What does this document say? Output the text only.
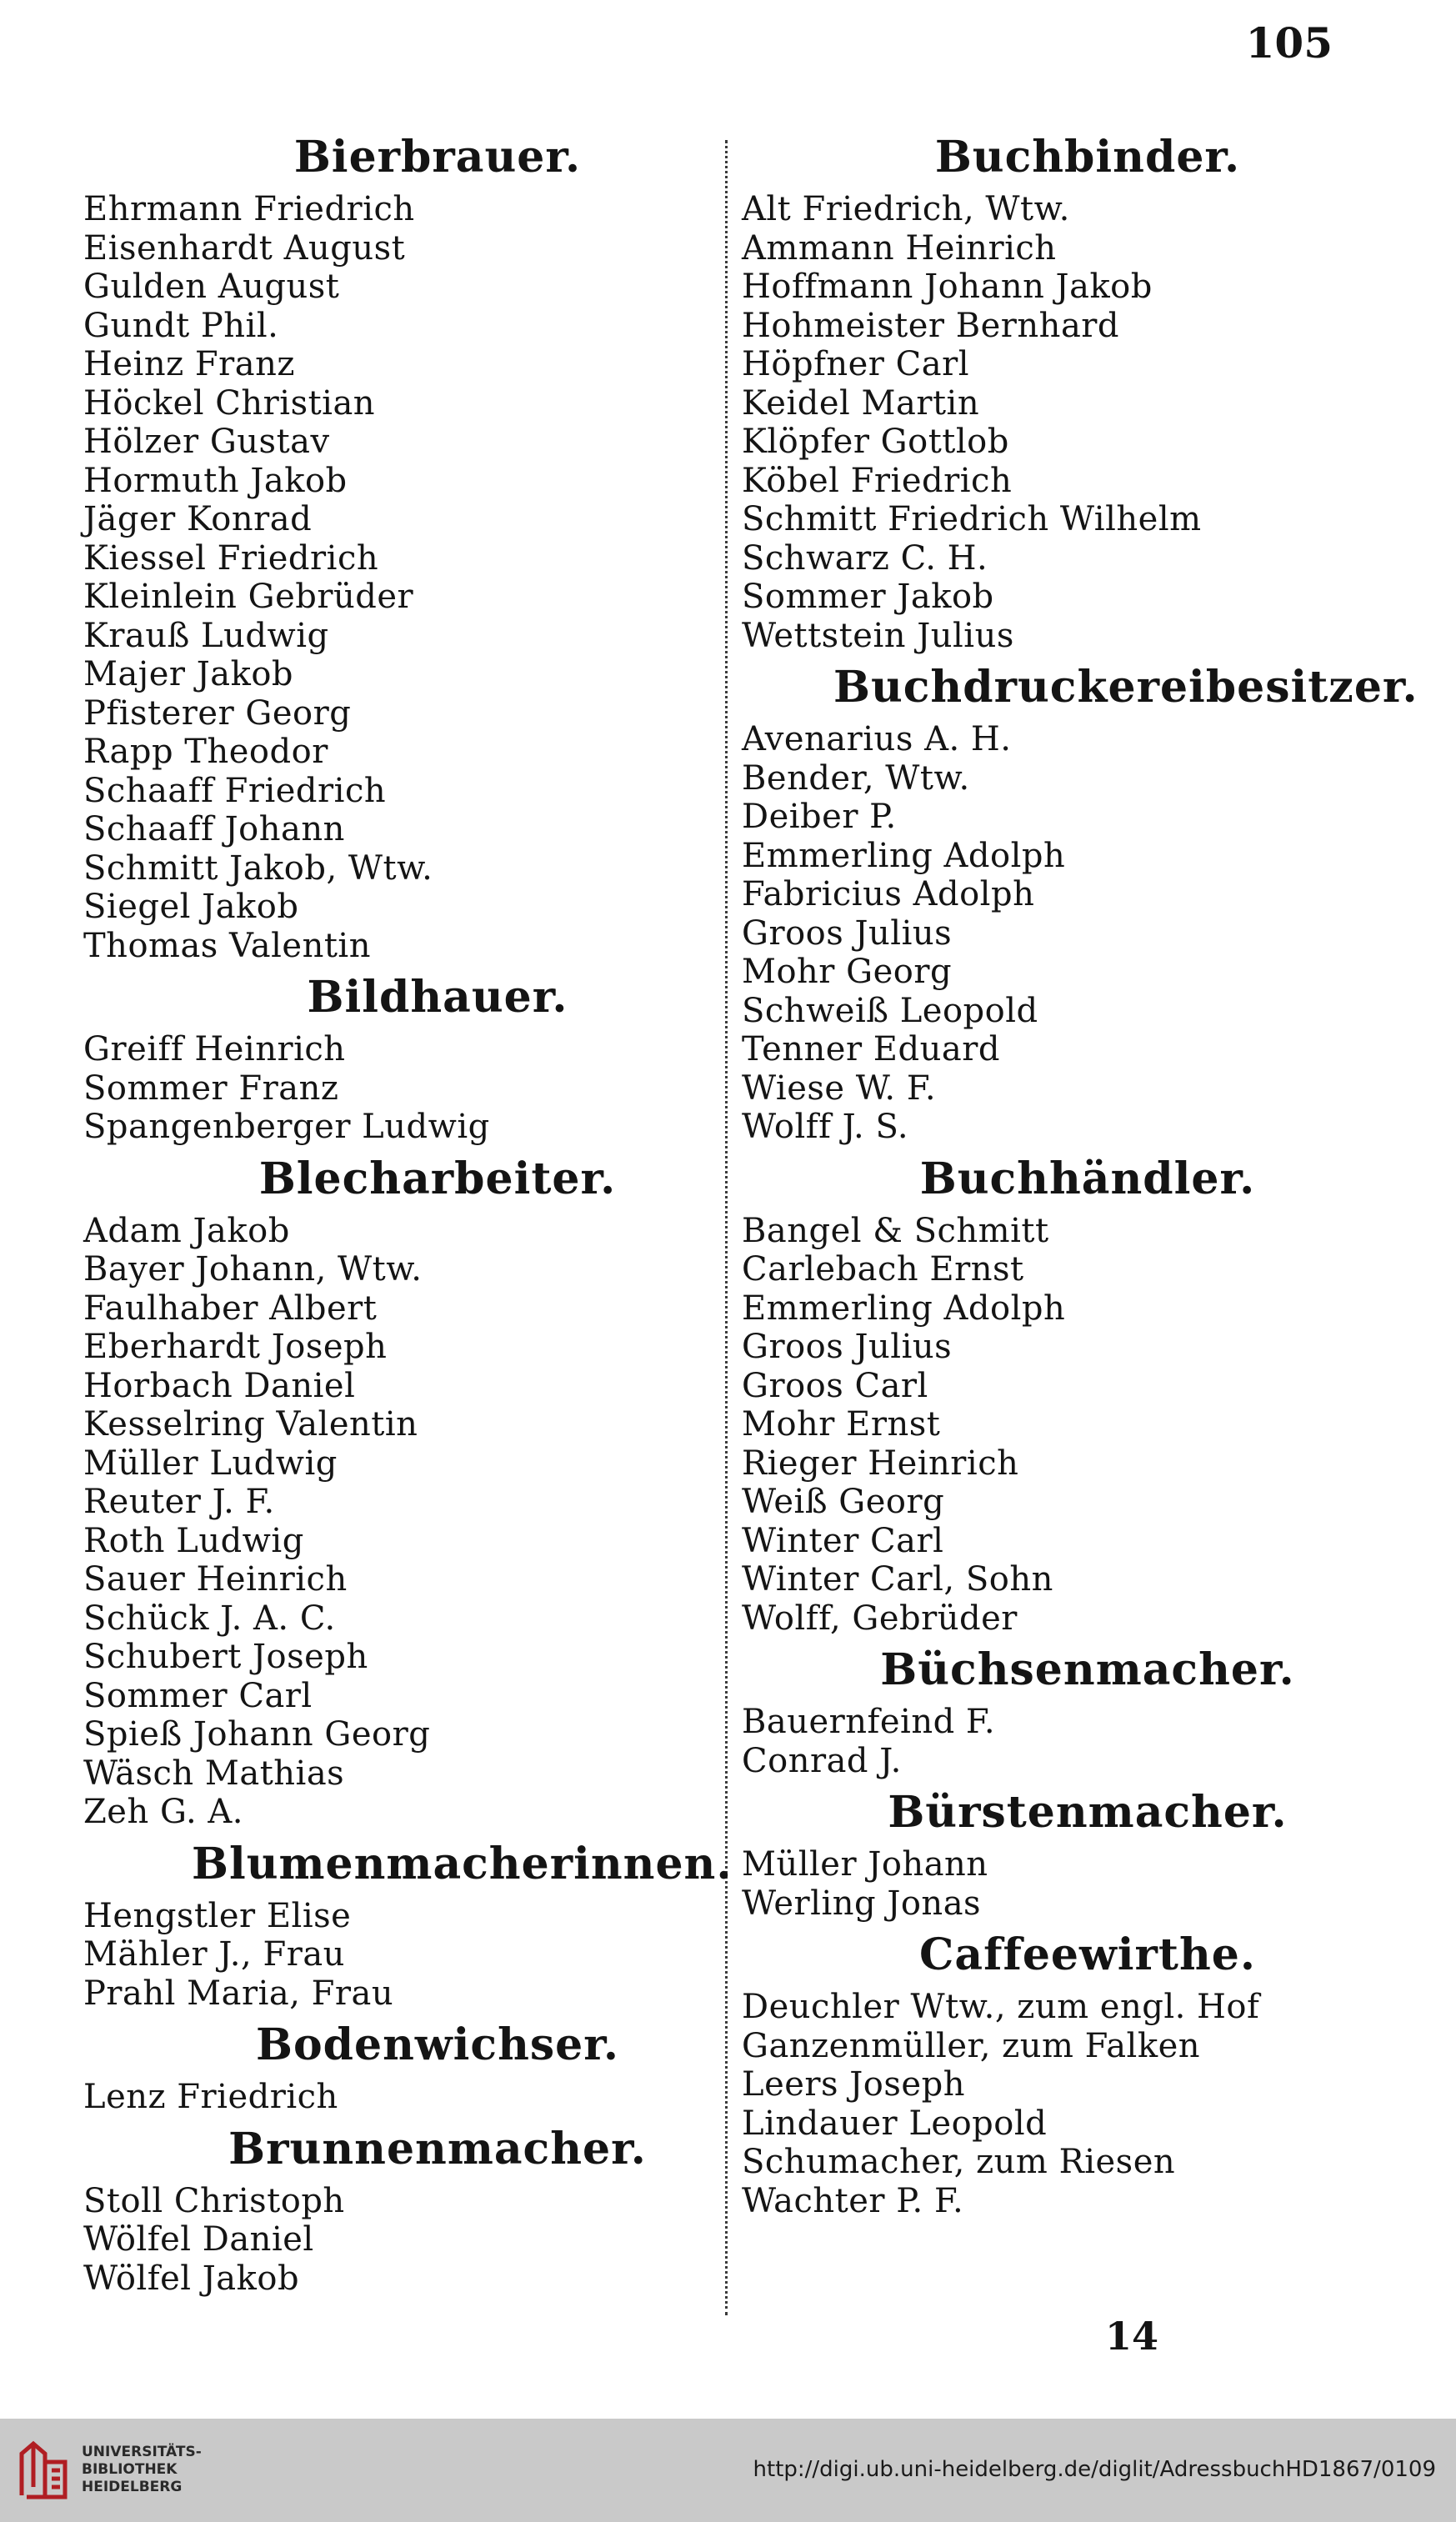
105
Bierbrauer.
Ehrmann Friedrich
Eisenhardt August
Gulden August
Gundt Phil.
Heinz Franz
Höckel Christian
Hölzer Gustav
Hormuth Jakob
Jäger Konrad
Kiessel Friedrich
Kleinlein Gebrüder
Krauß Ludwig
Majer Jakob
Pfisterer Georg
Rapp Theodor
Schaaff Friedrich
Schaaff Johann
Schmitt Jakob, Wtw.
Siegel Jakob
Thomas Valentin
Bildhauer.
Greiff Heinrich
Sommer Franz
Spangenberger Ludwig
Blecharbeiter.
Adam Jakob
Bayer Johann, Wtw.
Faulhaber Albert
Eberhardt Joseph
Horbach Daniel
Kesselring Valentin
Müller Ludwig
Reuter J. F.
Roth Ludwig
Sauer Heinrich
Schück J. A. C.
Schubert Joseph
Sommer Carl
Spieß Johann Georg
Wäsch Mathias
Zeh G. A.
Blumenmacherinnen.
Hengstler Elise
Mähler J., Frau
Prahl Maria, Frau
Bodenwichser.
Lenz Friedrich
Brunnenmacher.
Stoll Christoph
Wölfel Daniel
Wölfel Jakob
Buchbinder.
Alt Friedrich, Wtw.
Ammann Heinrich
Hoffmann Johann Jakob
Hohmeister Bernhard
Höpfner Carl
Keidel Martin
Klöpfer Gottlob
Köbel Friedrich
Schmitt Friedrich Wilhelm
Schwarz C. H.
Sommer Jakob
Wettstein Julius
Buchdruckereibesitzer.
Avenarius A. H.
Bender, Wtw.
Deiber P.
Emmerling Adolph
Fabricius Adolph
Groos Julius
Mohr Georg
Schweiß Leopold
Tenner Eduard
Wiese W. F.
Wolff J. S.
Buchhändler.
Bangel & Schmitt
Carlebach Ernst
Emmerling Adolph
Groos Julius
Groos Carl
Mohr Ernst
Rieger Heinrich
Weiß Georg
Winter Carl
Winter Carl, Sohn
Wolff, Gebrüder
Büchsenmacher.
Bauernfeind F.
Conrad J.
Bürstenmacher.
Müller Johann
Werling Jonas
Caffeewirthe.
Deuchler Wtw., zum engl. Hof
Ganzenmüller, zum Falken
Leers Joseph
Lindauer Leopold
Schumacher, zum Riesen
Wachter P. F.
14
UNIVERSITÄTS-
BIBLIOTHEK
HEIDELBERG
http://digi.ub.uni-heidelberg.de/diglit/AdressbuchHD1867/0109
